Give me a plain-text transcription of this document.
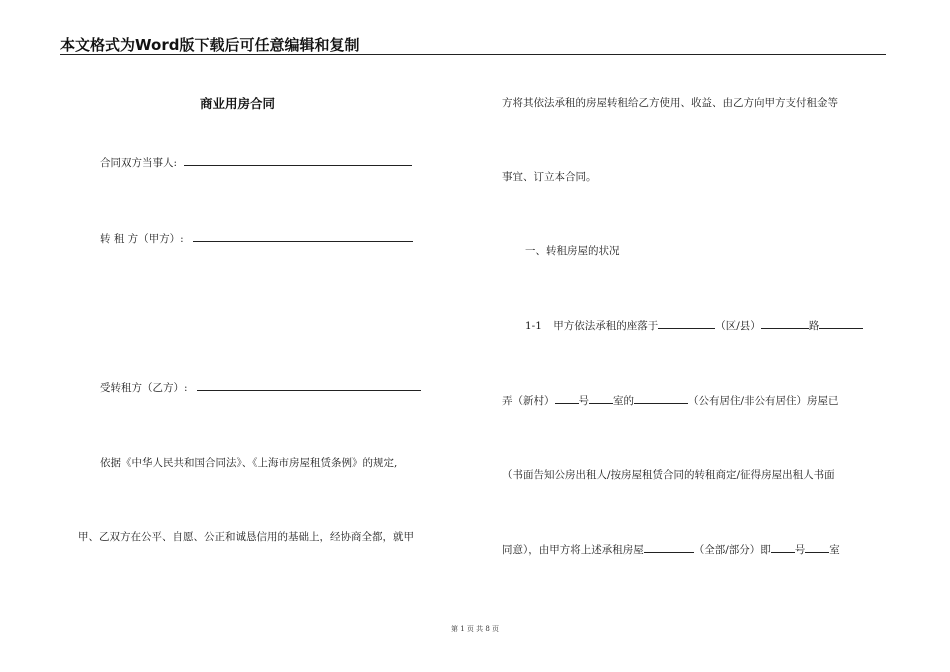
本文格式为Word版下载后可任意编辑和复制
商业用房合同
合同双方当事人:
转 租 方（甲方）:
受转租方（乙方）:
依据《中华人民共和国合同法》、《上海市房屋租赁条例》的规定,
甲、乙双方在公平、自愿、公正和诚恳信用的基础上，经协商全都，就甲
方将其依法承租的房屋转租给乙方使用、收益、由乙方向甲方支付租金等
事宜、订立本合同。
一、转租房屋的状况
1-1 甲方依法承租的座落于	（区/县）	路
弄（新村） 号 室的	（公有居住/非公有居住）房屋已
（书面告知公房出租人/按房屋租赁合同的转租商定/征得房屋出租人书面
同意），由甲方将上述承租房屋	（全部/部分）即 号 室
第 1 页 共 8 页
